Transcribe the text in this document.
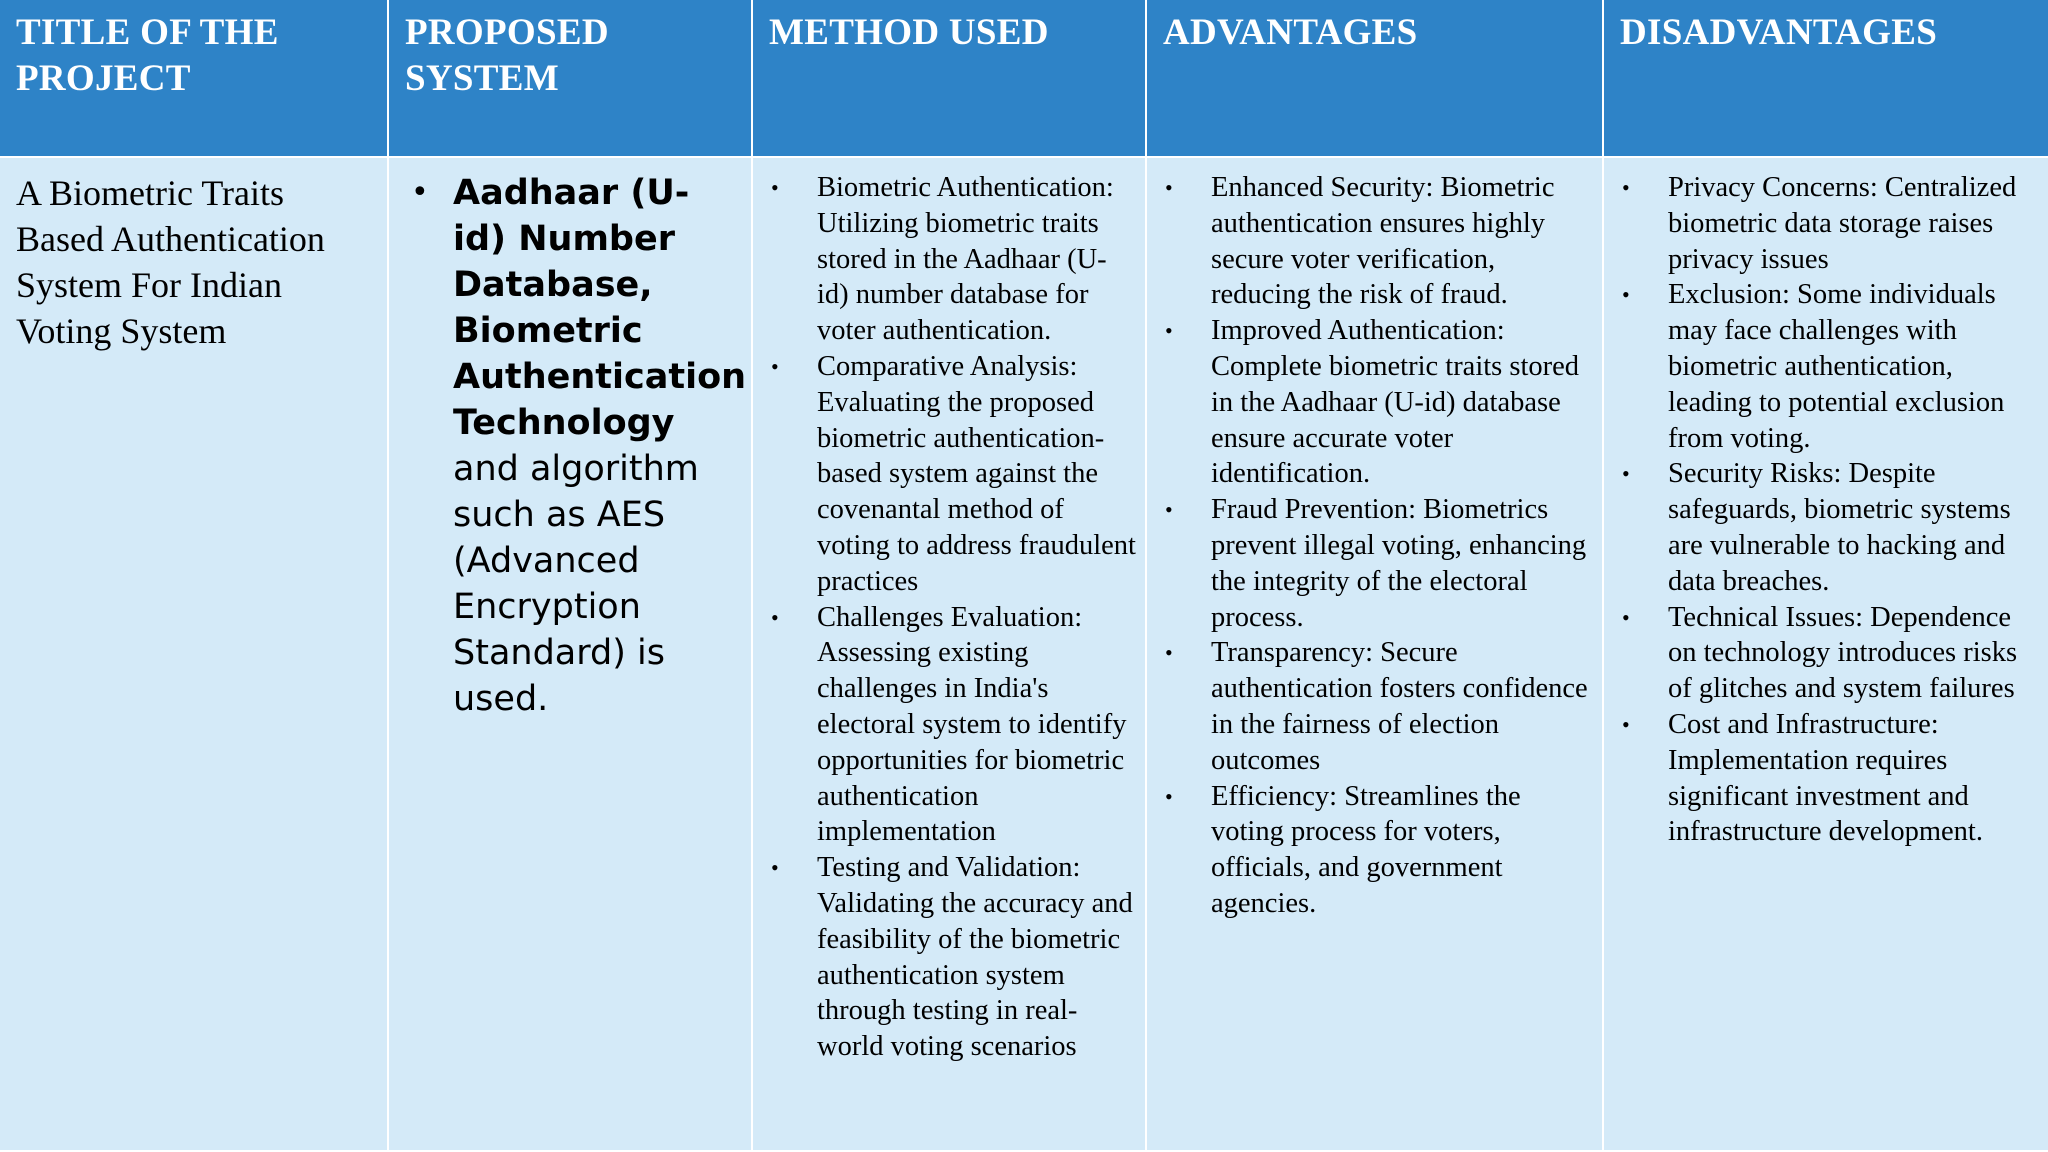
TITLE OF THE PROJECT
PROPOSED SYSTEM
METHOD USED	ADVANTAGES	DISADVANTAGES
A Biometric Traits Based Authentication System For Indian Voting System
• Aadhaar (U-id) Number Database, Biometric Authentication Technology and algorithm such as AES (Advanced Encryption Standard) is used.
• Biometric Authentication: Utilizing biometric traits stored in the Aadhaar (U-id) number database for voter authentication.
• Comparative Analysis: Evaluating the proposed biometric authentication-based system against the covenantal method of voting to address fraudulent practices
• Challenges Evaluation: Assessing existing challenges in India's electoral system to identify opportunities for biometric authentication implementation
• Testing and Validation: Validating the accuracy and feasibility of the biometric authentication system through testing in real-world voting scenarios
• Enhanced Security: Biometric authentication ensures highly secure voter verification, reducing the risk of fraud.
• Improved Authentication: Complete biometric traits stored in the Aadhaar (U-id) database ensure accurate voter identification.
• Fraud Prevention: Biometrics prevent illegal voting, enhancing the integrity of the electoral process.
• Transparency: Secure authentication fosters confidence in the fairness of election outcomes
• Efficiency: Streamlines the voting process for voters, officials, and government agencies.
• Privacy Concerns: Centralized biometric data storage raises privacy issues
• Exclusion: Some individuals may face challenges with biometric authentication, leading to potential exclusion from voting.
• Security Risks: Despite safeguards, biometric systems are vulnerable to hacking and data breaches.
• Technical Issues: Dependence on technology introduces risks of glitches and system failures
• Cost and Infrastructure: Implementation requires significant investment and infrastructure development.
